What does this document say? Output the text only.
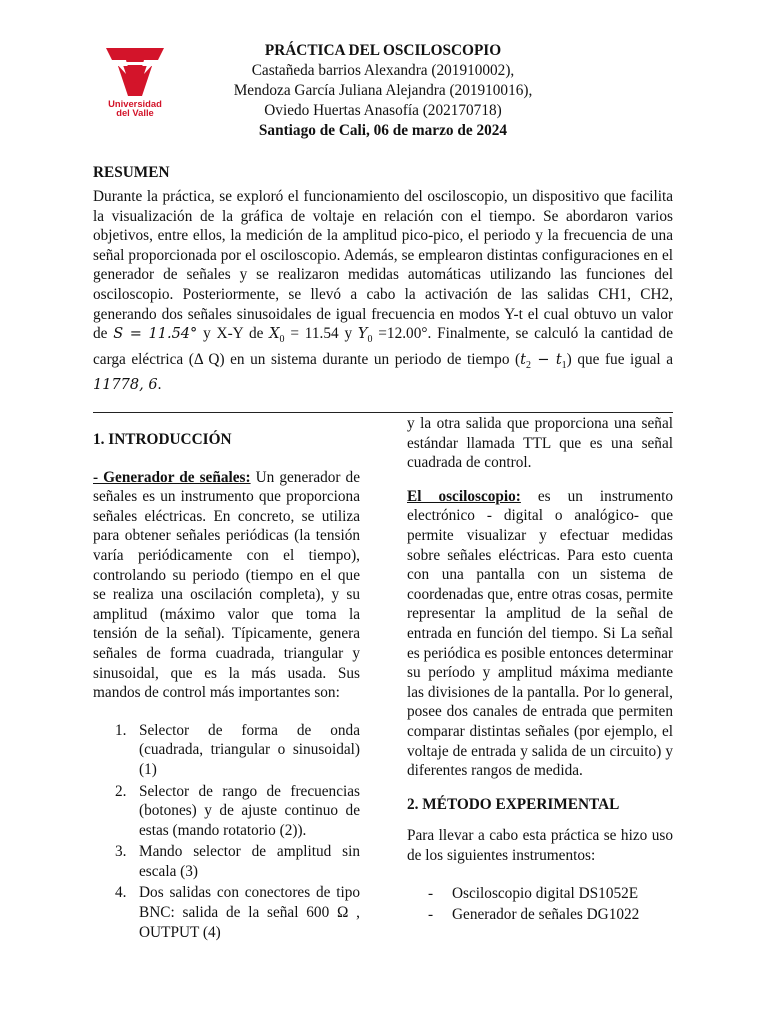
Universidad
del Valle
PRÁCTICA DEL OSCILOSCOPIO
Castañeda barrios Alexandra (201910002),
Mendoza García Juliana Alejandra (201910016),
Oviedo Huertas Anasofía (202170718)
Santiago de Cali, 06 de marzo de 2024
RESUMEN
Durante la práctica, se exploró el funcionamiento del osciloscopio, un dispositivo que facilita la visualización de la gráfica de voltaje en relación con el tiempo. Se abordaron varios objetivos, entre ellos, la medición de la amplitud pico-pico, el periodo y la frecuencia de una señal proporcionada por el osciloscopio. Además, se emplearon distintas configuraciones en el generador de señales y se realizaron medidas automáticas utilizando las funciones del osciloscopio. Posteriormente, se llevó a cabo la activación de las salidas CH1, CH2, generando dos señales sinusoidales de igual frecuencia en modos Y-t el cual obtuvo un valor de S = 11.54° y X-Y de $X_0 = 11.54$ y $Y_0 =12.00^\circ$. Finalmente, se calculó la cantidad de carga eléctrica (Δ Q) en un sistema durante un periodo de tiempo $(t_2 - t_1)$ que fue igual a 11778, 6.

1. INTRODUCCIÓN

- Generador de señales: Un generador de señales es un instrumento que proporciona señales eléctricas. En concreto, se utiliza para obtener señales periódicas (la tensión varía periódicamente con el tiempo), controlando su periodo (tiempo en el que se realiza una oscilación completa), y su amplitud (máximo valor que toma la tensión de la señal). Típicamente, genera señales de forma cuadrada, triangular y sinusoidal, que es la más usada. Sus mandos de control más importantes son:

1. Selector de forma de onda (cuadrada, triangular o sinusoidal) (1)
2. Selector de rango de frecuencias (botones) y de ajuste continuo de estas (mando rotatorio (2)).
3. Mando selector de amplitud sin escala (3)
4. Dos salidas con conectores de tipo BNC: salida de la señal 600 Ω , OUTPUT (4)

y la otra salida que proporciona una señal estándar llamada TTL que es una señal cuadrada de control.

El osciloscopio: es un instrumento electrónico - digital o analógico- que permite visualizar y efectuar medidas sobre señales eléctricas. Para esto cuenta con una pantalla con un sistema de coordenadas que, entre otras cosas, permite representar la amplitud de la señal de entrada en función del tiempo. Si La señal es periódica es posible entonces determinar su período y amplitud máxima mediante las divisiones de la pantalla. Por lo general, posee dos canales de entrada que permiten comparar distintas señales (por ejemplo, el voltaje de entrada y salida de un circuito) y diferentes rangos de medida.

2. MÉTODO EXPERIMENTAL

Para llevar a cabo esta práctica se hizo uso de los siguientes instrumentos:

- Osciloscopio digital DS1052E
- Generador de señales DG1022
